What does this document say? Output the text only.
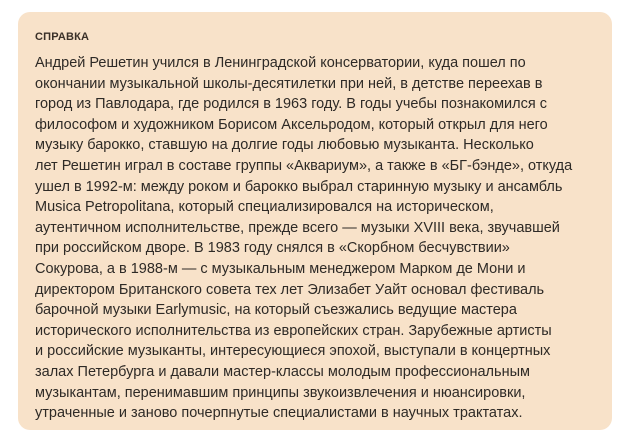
СПРАВКА

Андрей Решетин учился в Ленинградской консерватории, куда пошел по
окончании музыкальной школы-десятилетки при ней, в детстве переехав в
город из Павлодара, где родился в 1963 году. В годы учебы познакомился с
философом и художником Борисом Аксельродом, который открыл для него
музыку барокко, ставшую на долгие годы любовью музыканта. Несколько
лет Решетин играл в составе группы «Аквариум», а также в «БГ-бэнде», откуда
ушел в 1992-м: между роком и барокко выбрал старинную музыку и ансамбль
Musica Petropolitana, который специализировался на историческом,
аутентичном исполнительстве, прежде всего — музыки XVIII века, звучавшей
при российском дворе. В 1983 году снялся в «Скорбном бесчувствии»
Сокурова, а в 1988-м — с музыкальным менеджером Марком де Мони и
директором Британского совета тех лет Элизабет Уайт основал фестиваль
барочной музыки Earlymusic, на который съезжались ведущие мастера
исторического исполнительства из европейских стран. Зарубежные артисты
и российские музыканты, интересующиеся эпохой, выступали в концертных
залах Петербурга и давали мастер-классы молодым профессиональным
музыкантам, перенимавшим принципы звукоизвлечения и нюансировки,
утраченные и заново почерпнутые специалистами в научных трактатах.
